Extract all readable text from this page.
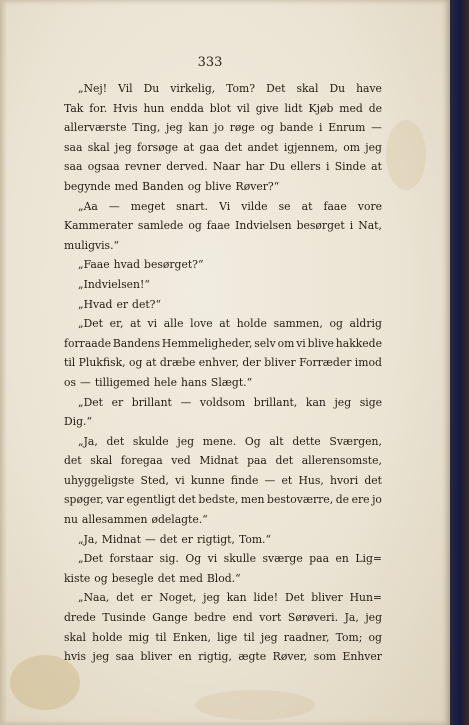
333
„Nej! Vil Du virkelig, Tom? Det skal Du have
Tak for. Hvis hun endda blot vil give lidt Kjøb med de
allerværste Ting, jeg kan jo røge og bande i Enrum —
saa skal jeg forsøge at gaa det andet igjennem, om jeg
saa ogsaa revner derved. Naar har Du ellers i Sinde at
begynde med Banden og blive Røver?“
„Aa — meget snart. Vi vilde se at faae vore
Kammerater samlede og faae Indvielsen besørget i Nat,
muligvis.“
„Faae hvad besørget?“
„Indvielsen!“
„Hvad er det?“
„Det er, at vi alle love at holde sammen, og aldrig
forraade Bandens Hemmeligheder, selv om vi blive hakkede
til Plukfisk, og at dræbe enhver, der bliver Forræder imod
os — tilligemed hele hans Slægt.“
„Det er brillant — voldsom brillant, kan jeg sige
Dig.“
„Ja, det skulde jeg mene. Og alt dette Sværgen,
det skal foregaa ved Midnat paa det allerensomste,
uhyggeligste Sted, vi kunne finde — et Hus, hvori det
spøger, var egentligt det bedste, men bestoværre, de ere jo
nu allesammen ødelagte.“
„Ja, Midnat — det er rigtigt, Tom.“
„Det forstaar sig. Og vi skulle sværge paa en Lig=
kiste og besegle det med Blod.“
„Naa, det er Noget, jeg kan lide! Det bliver Hun=
drede Tusinde Gange bedre end vort Sørøveri. Ja, jeg
skal holde mig til Enken, lige til jeg raadner, Tom; og
hvis jeg saa bliver en rigtig, ægte Røver, som Enhver
